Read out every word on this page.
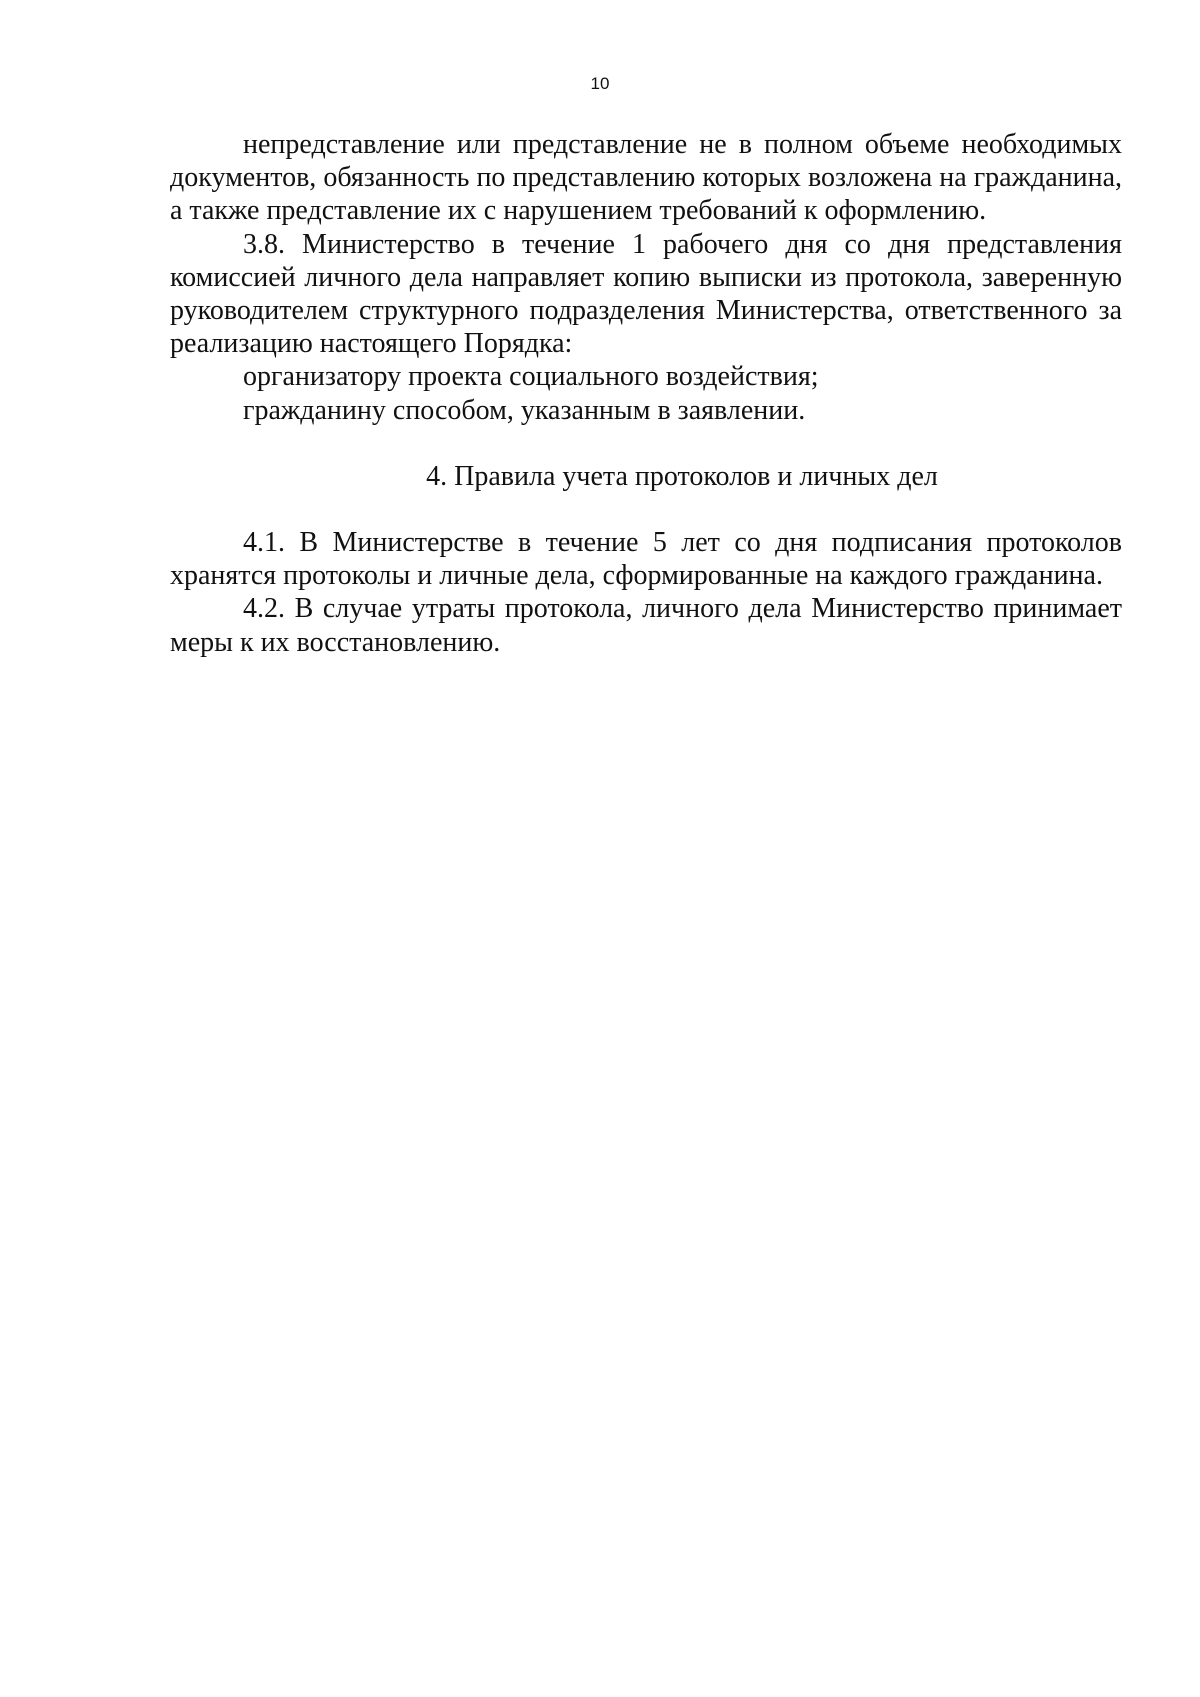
10

непредставление или представление не в полном объеме необходимых документов, обязанность по представлению которых возложена на гражданина, а также представление их с нарушением требований к оформлению.

3.8. Министерство в течение 1 рабочего дня со дня представления комиссией личного дела направляет копию выписки из протокола, заверенную руководителем структурного подразделения Министерства, ответственного за реализацию настоящего Порядка:

организатору проекта социального воздействия;

гражданину способом, указанным в заявлении.

4. Правила учета протоколов и личных дел

4.1. В Министерстве в течение 5 лет со дня подписания протоколов хранятся протоколы и личные дела, сформированные на каждого гражданина.

4.2. В случае утраты протокола, личного дела Министерство принимает меры к их восстановлению.
